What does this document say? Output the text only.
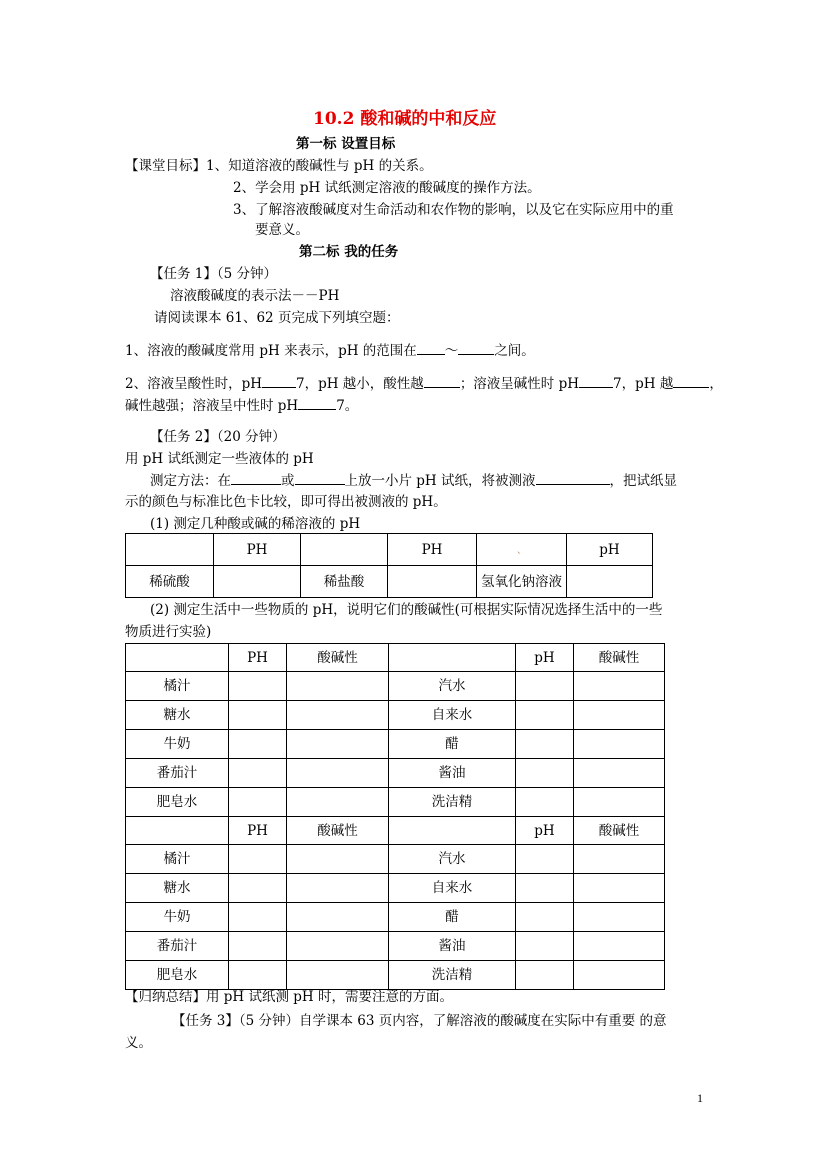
10.2 酸和碱的中和反应
第一标 设置目标
【课堂目标】1、知道溶液的酸碱性与 pH 的关系。
2、学会用 pH 试纸测定溶液的酸碱度的操作方法。
3、了解溶液酸碱度对生命活动和农作物的影响，以及它在实际应用中的重
要意义。
第二标 我的任务
【任务 1】（5 分钟）
溶液酸碱度的表示法－－PH
请阅读课本 61、62 页完成下列填空题：
1、溶液的酸碱度常用 pH 来表示，pH 的范围在 ～	之间。
2、溶液呈酸性时，pH	7，pH 越小，酸性越	；溶液呈碱性时 pH	7，pH 越	，
碱性越强；溶液呈中性时 pH	7。
【任务 2】（20 分钟）
用 pH 试纸测定一些液体的 pH
测定方法：在	或	上放一小片 pH 试纸，将被测液	，把试纸显
示的颜色与标准比色卡比较，即可得出被测液的 pH。
(1) 测定几种酸或碱的稀溶液的 pH
	PH		PH	、	pH
稀硫酸		稀盐酸		氢氧化钠溶液	
(2) 测定生活中一些物质的 pH，说明它们的酸碱性(可根据实际情况选择生活中的一些
物质进行实验)
	PH	酸碱性		pH	酸碱性
橘汁			汽水		
糖水			自来水		
牛奶			醋		
番茄汁			酱油		
肥皂水			洗洁精		
	PH	酸碱性		pH	酸碱性
橘汁			汽水		
糖水			自来水		
牛奶			醋		
番茄汁			酱油		
肥皂水			洗洁精		
【归纳总结】用 pH 试纸测 pH 时，需要注意的方面。
【任务 3】（5 分钟）自学课本 63 页内容，了解溶液的酸碱度在实际中有重要 的意
义。
1
